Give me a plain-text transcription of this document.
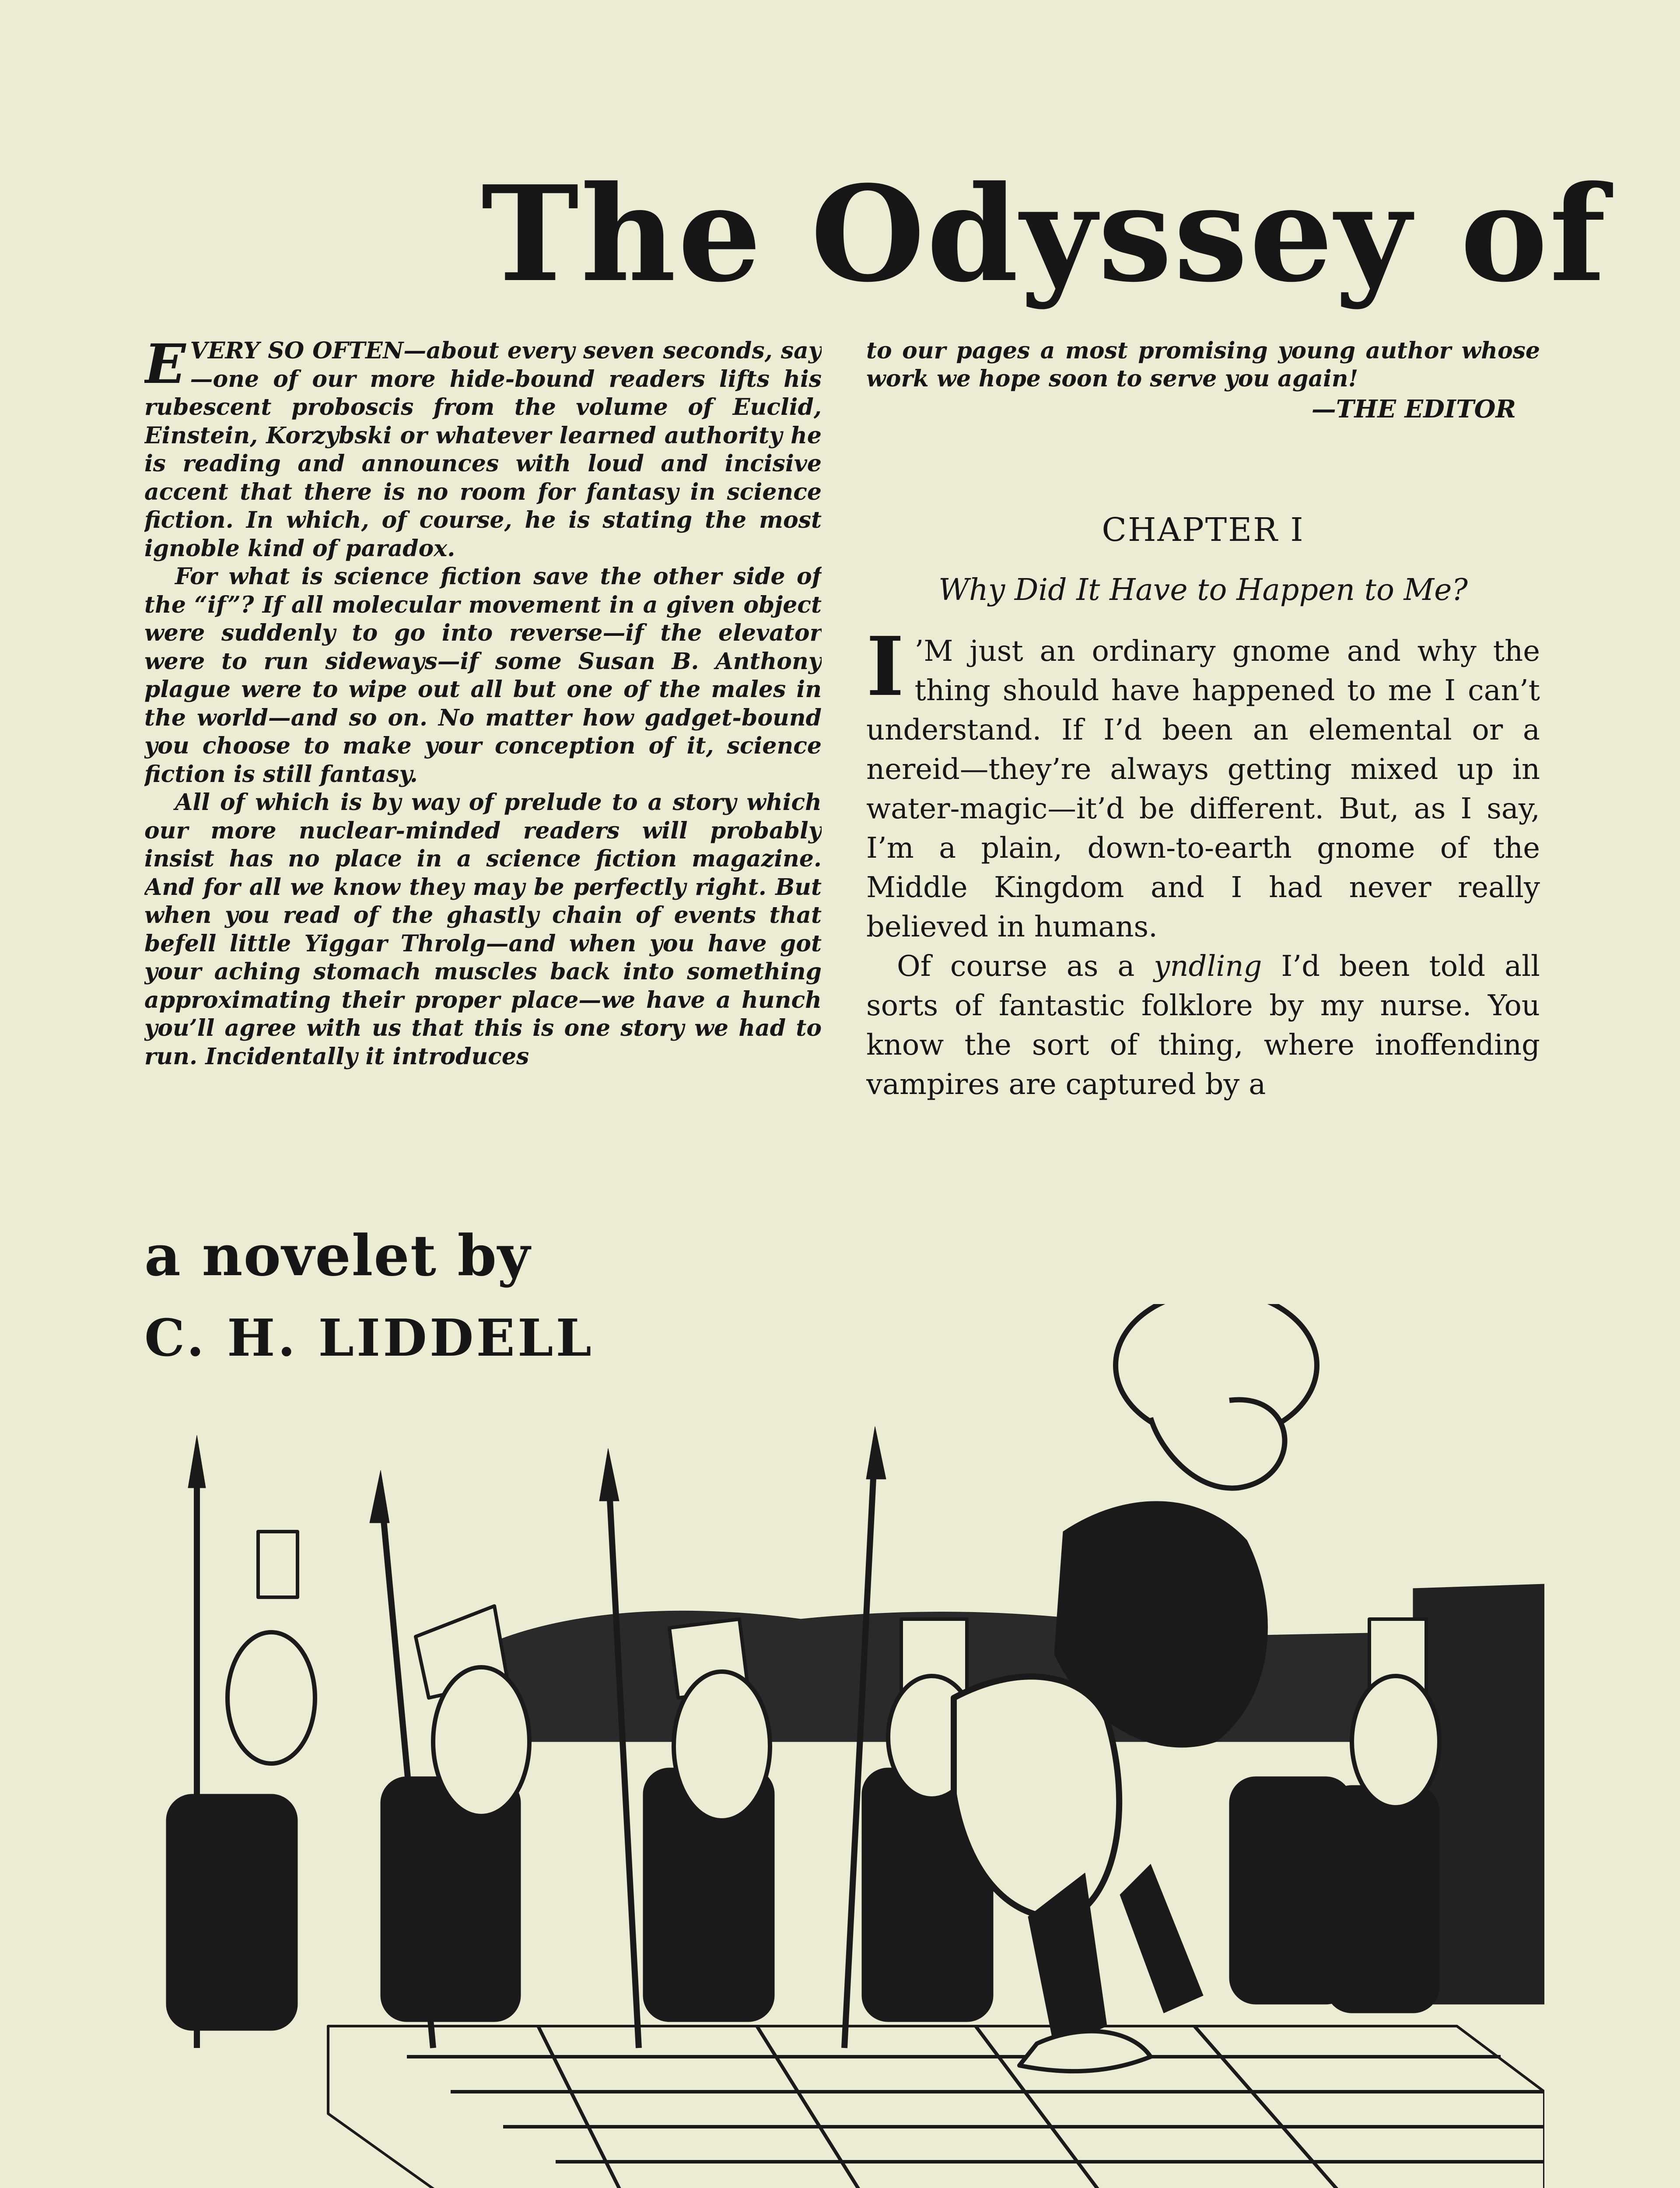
The Odyssey of

EVERY SO OFTEN—about every seven seconds, say—one of our more hide-bound readers lifts his rubescent proboscis from the volume of Euclid, Einstein, Korzybski or whatever learned authority he is reading and announces with loud and incisive accent that there is no room for fantasy in science fiction. In which, of course, he is stating the most ignoble kind of paradox.

For what is science fiction save the other side of the “if”? If all molecular movement in a given object were suddenly to go into reverse—if the elevator were to run sideways—if some Susan B. Anthony plague were to wipe out all but one of the males in the world—and so on. No matter how gadget-bound you choose to make your conception of it, science fiction is still fantasy.

All of which is by way of prelude to a story which our more nuclear-minded readers will probably insist has no place in a science fiction magazine. And for all we know they may be perfectly right. But when you read of the ghastly chain of events that befell little Yiggar Throlg—and when you have got your aching stomach muscles back into something approximating their proper place—we have a hunch you’ll agree with us that this is one story we had to run. Incidentally it introduces

to our pages a most promising young author whose work we hope soon to serve you again!

—THE EDITOR

CHAPTER I
Why Did It Have to Happen to Me?

I ’M just an ordinary gnome and why the thing should have happened to me I can’t understand. If I’d been an elemental or a nereid—they’re always getting mixed up in water-magic—it’d be different. But, as I say, I’m a plain, down-to-earth gnome of the Middle Kingdom and I had never really believed in humans.

Of course as a yndling I’d been told all sorts of fantastic folklore by my nurse. You know the sort of thing, where inoffending vampires are captured by a

a novelet by
C. H. LIDDELL
